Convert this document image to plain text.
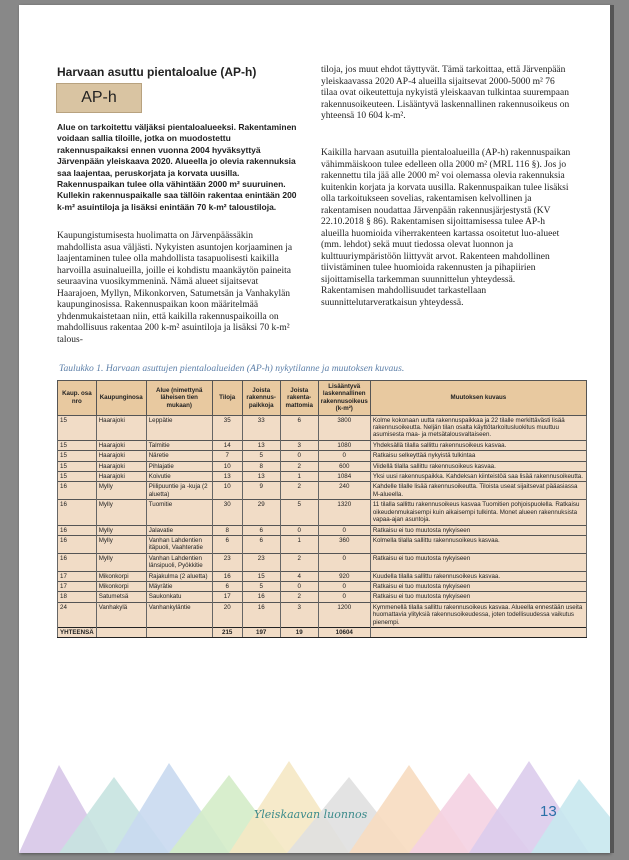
Harvaan asuttu pientaloalue (AP-h)
AP-h
Alue on tarkoitettu väljäksi pientaloalueeksi. Rakentaminen voidaan sallia tiloille, jotka on muodostettu rakennuspaikaksi ennen vuonna 2004 hyväksyttyä Järvenpään yleiskaava 2020. Alueella jo olevia rakennuksia saa laajentaa, peruskorjata ja korvata uusilla. Rakennuspaikan tulee olla vähintään 2000 m² suuruinen. Kullekin rakennuspaikalle saa tällöin rakentaa enintään 200 k-m² asuintiloja ja lisäksi enintään 70 k-m² taloustiloja.
Kaupungistumisesta huolimatta on Järvenpäässäkin mahdollista asua väljästi. Nykyisten asuntojen korjaaminen ja laajentaminen tulee olla mahdollista tasapuolisesti kaikilla harvoilla asuinalueilla, joille ei kohdistu maankäytön paineita seuraavina vuosikymmeninä. Nämä alueet sijaitsevat Haarajoen, Myllyn, Mikonkorven, Satumetsän ja Vanhakylän kaupunginosissa. Rakennuspaikan koon määritelmää yhdenmukaistetaan niin, että kaikilla rakennuspaikoilla on mahdollisuus rakentaa 200 k-m² asuintiloja ja lisäksi 70 k-m² talous-
tiloja, jos muut ehdot täyttyvät. Tämä tarkoittaa, että Järvenpään yleiskaavassa 2020 AP-4 alueilla sijaitsevat 2000-5000 m² 76 tilaa ovat oikeutettuja nykyistä yleiskaavan tulkintaa suurempaan rakennusoikeuteen. Lisääntyvä laskennallinen rakennusoikeus on yhteensä 10 604 k-m².
Kaikilla harvaan asutuilla pientaloalueilla (AP-h) rakennuspaikan vähimmäiskoon tulee edelleen olla 2000 m² (MRL 116 §). Jos jo rakennettu tila jää alle 2000 m² voi olemassa olevia rakennuksia kuitenkin korjata ja korvata uusilla. Rakennuspaikan tulee lisäksi olla tarkoitukseen sovelias, rakentamisen kelvollinen ja rakentamisen noudattaa Järvenpään rakennusjärjestystä (KV 22.10.2018 § 86). Rakentamisen sijoittamisessa tulee AP-h alueilla huomioida viherrakenteen kartassa osoitetut luo-alueet (mm. lehdot) sekä muut tiedossa olevat luonnon ja kulttuuriympäristöön liittyvät arvot. Rakenteen mahdollinen tiivistäminen tulee huomioida rakennusten ja pihapiirien sijoittamisella tarkemman suunnittelun yhteydessä. Rakentamisen mahdollisuudet tarkastellaan suunnittelutarveratkaisun yhteydessä.
Taulukko 1. Harvaan asuttujen pientaloalueiden (AP-h) nykytilanne ja muutoksen kuvaus.
Kaup. osa nro	Kaupunginosa	Alue (nimettynä läheisen tien mukaan)	Tiloja	Joista rakennus-paikkoja	Joista rakenta-mattomia	Lisääntyvä laskennallinen rakennusoikeus (k-m²)	Muutoksen kuvaus
15	Haarajoki	Leppätie	35	33	6	3800	Kolme kokonaan uutta rakennuspaikkaa ja 22 tilalle merkittävästi lisää rakennusoikeutta. Neljän tilan osalta käyttötarkoitusluokitus muuttuu asumisesta maa- ja metsätalousvaltaiseen.
15	Haarajoki	Talmitie	14	13	3	1080	Yhdeksällä tilalla sallittu rakennusoikeus kasvaa.
15	Haarajoki	Näretie	7	5	0	0	Ratkaisu selkeyttää nykyistä tulkintaa
15	Haarajoki	Pihlajatie	10	8	2	600	Viidellä tilalla sallittu rakennusoikeus kasvaa.
15	Haarajoki	Koivutie	13	13	1	1084	Yksi uusi rakennuspaikka. Kahdeksan kiinteistöä saa lisää rakennusoikeutta.
16	Mylly	Piilipuuntie ja -kuja (2 aluetta)	10	9	2	240	Kahdelle tilalle lisää rakennusoikeutta. Tiloista useat sijaitsevat pääasiassa M-alueella.
16	Mylly	Tuomitie	30	29	5	1320	11 tilalla sallittu rakennusoikeus kasvaa Tuomitien pohjoispuolella. Ratkaisu oikeudenmukaisempi kuin aikaisempi tulkinta. Monet alueen rakennuksista vapaa-ajan asuntoja.
16	Mylly	Jalavatie	8	6	0	0	Ratkaisu ei tuo muutosta nykyiseen
16	Mylly	Vanhan Lahdentien itäpuoli, Vaahteratie	6	6	1	360	Kolmella tilalla sallittu rakennusoikeus kasvaa.
16	Mylly	Vanhan Lahdentien länsipuoli, Pyökkitie	23	23	2	0	Ratkaisu ei tuo muutosta nykyiseen
17	Mikonkorpi	Rajakulma (2 aluetta)	16	15	4	920	Kuudella tilalla sallittu rakennusoikeus kasvaa.
17	Mikonkorpi	Mäyrätie	6	5	0	0	Ratkaisu ei tuo muutosta nykyiseen
18	Satumetsä	Saukonkatu	17	16	2	0	Ratkaisu ei tuo muutosta nykyiseen
24	Vanhakylä	Vanhankyläntie	20	16	3	1200	Kymmenellä tilalla sallittu rakennusoikeus kasvaa. Alueella ennestään useita huomattavia ylityksiä rakennusoikeudessa, joten todellisuudessa vaikutus pienempi.
YHTEENSÄ			215	197	19	10604	
Yleiskaavan luonnos	13
